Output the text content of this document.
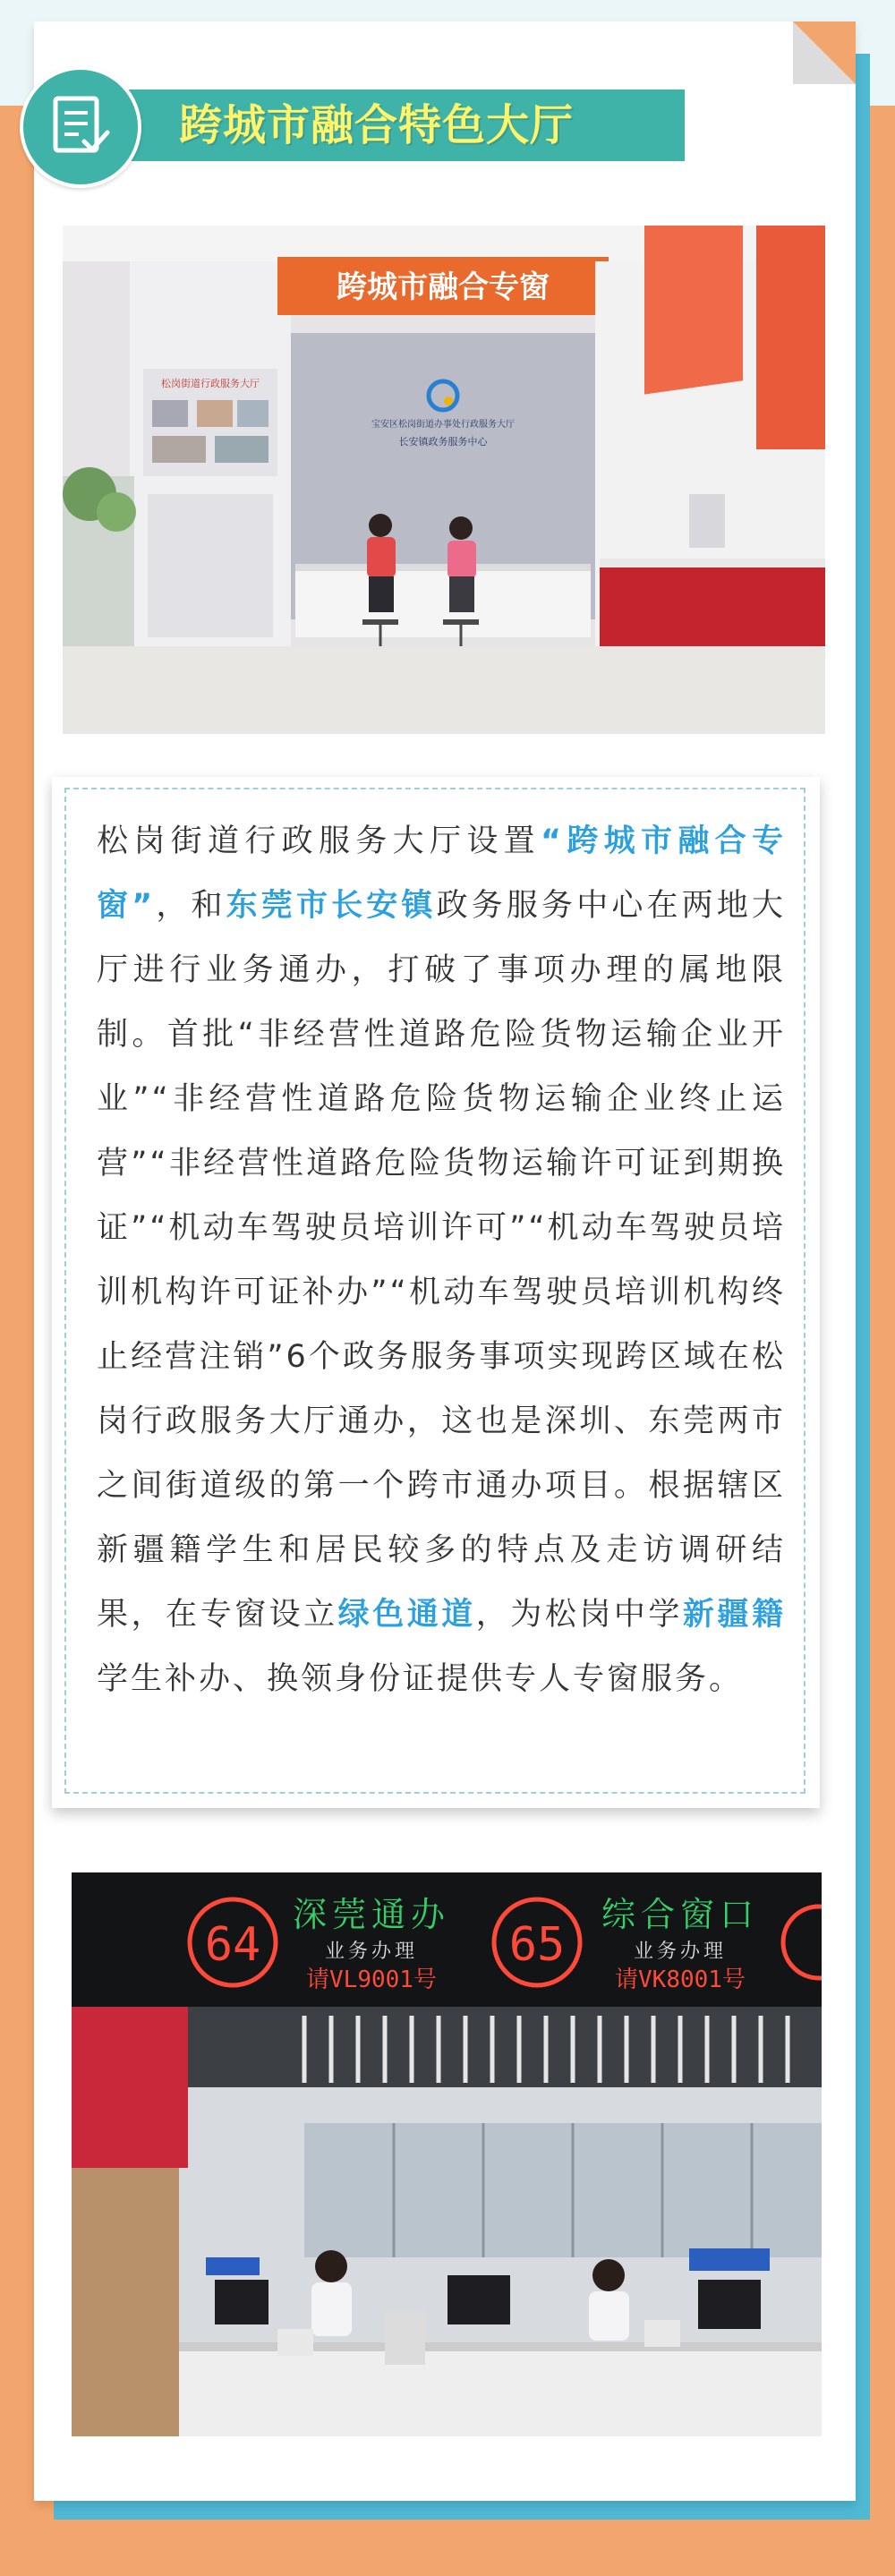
跨城市融合特色大厅
跨城市融合专窗
宝安区松岗街道办事处行政服务大厅
长安镇政务服务中心
松岗街道行政服务大厅

松岗街道行政服务大厅设置“跨城市融合专窗”，和东莞市长安镇政务服务中心在两地大厅进行业务通办，打破了事项办理的属地限制。首批“非经营性道路危险货物运输企业开业”“非经营性道路危险货物运输企业终止运营”“非经营性道路危险货物运输许可证到期换证”“机动车驾驶员培训许可”“机动车驾驶员培训机构许可证补办”“机动车驾驶员培训机构终止经营注销”6个政务服务事项实现跨区域在松岗行政服务大厅通办，这也是深圳、东莞两市之间街道级的第一个跨市通办项目。根据辖区新疆籍学生和居民较多的特点及走访调研结果，在专窗设立绿色通道，为松岗中学新疆籍学生补办、换领身份证提供专人专窗服务。

64
深莞通办
业务办理
请VL9001号
65
综合窗口
业务办理
请VK8001号
